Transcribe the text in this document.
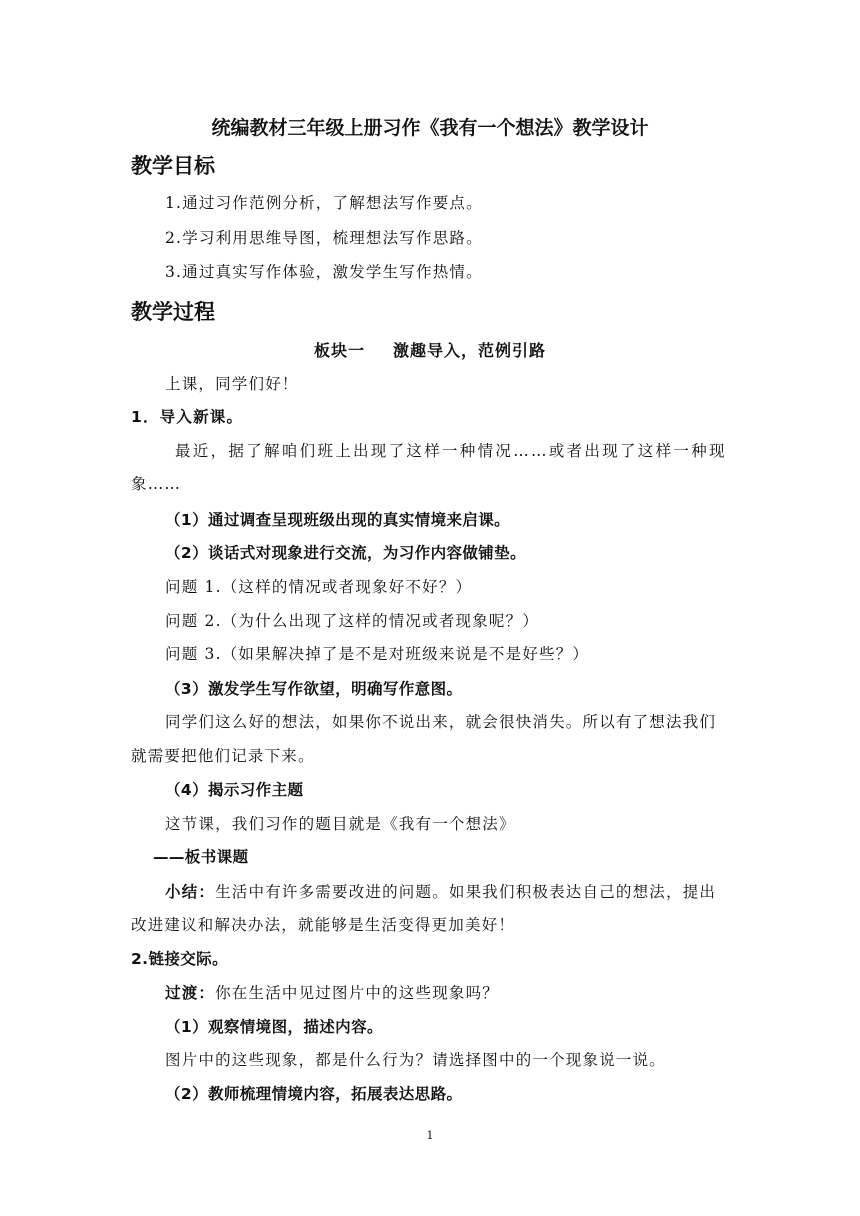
统编教材三年级上册习作《我有一个想法》教学设计
教学目标
1.通过习作范例分析，了解想法写作要点。
2.学习利用思维导图，梳理想法写作思路。
3.通过真实写作体验，激发学生写作热情。
教学过程
板块一 激趣导入，范例引路
上课，同学们好！
1．导入新课。
最近，据了解咱们班上出现了这样一种情况……或者出现了这样一种现
象……
（1）通过调查呈现班级出现的真实情境来启课。
（2）谈话式对现象进行交流，为习作内容做铺垫。
问题 1.（这样的情况或者现象好不好？）
问题 2.（为什么出现了这样的情况或者现象呢？）
问题 3.（如果解决掉了是不是对班级来说是不是好些？）
（3）激发学生写作欲望，明确写作意图。
同学们这么好的想法，如果你不说出来，就会很快消失。所以有了想法我们
就需要把他们记录下来。
（4）揭示习作主题
这节课，我们习作的题目就是《我有一个想法》
——板书课题
小结：生活中有许多需要改进的问题。如果我们积极表达自己的想法，提出
改进建议和解决办法，就能够是生活变得更加美好！
2.链接交际。
过渡：你在生活中见过图片中的这些现象吗？
（1）观察情境图，描述内容。
图片中的这些现象，都是什么行为？请选择图中的一个现象说一说。
（2）教师梳理情境内容，拓展表达思路。
1
